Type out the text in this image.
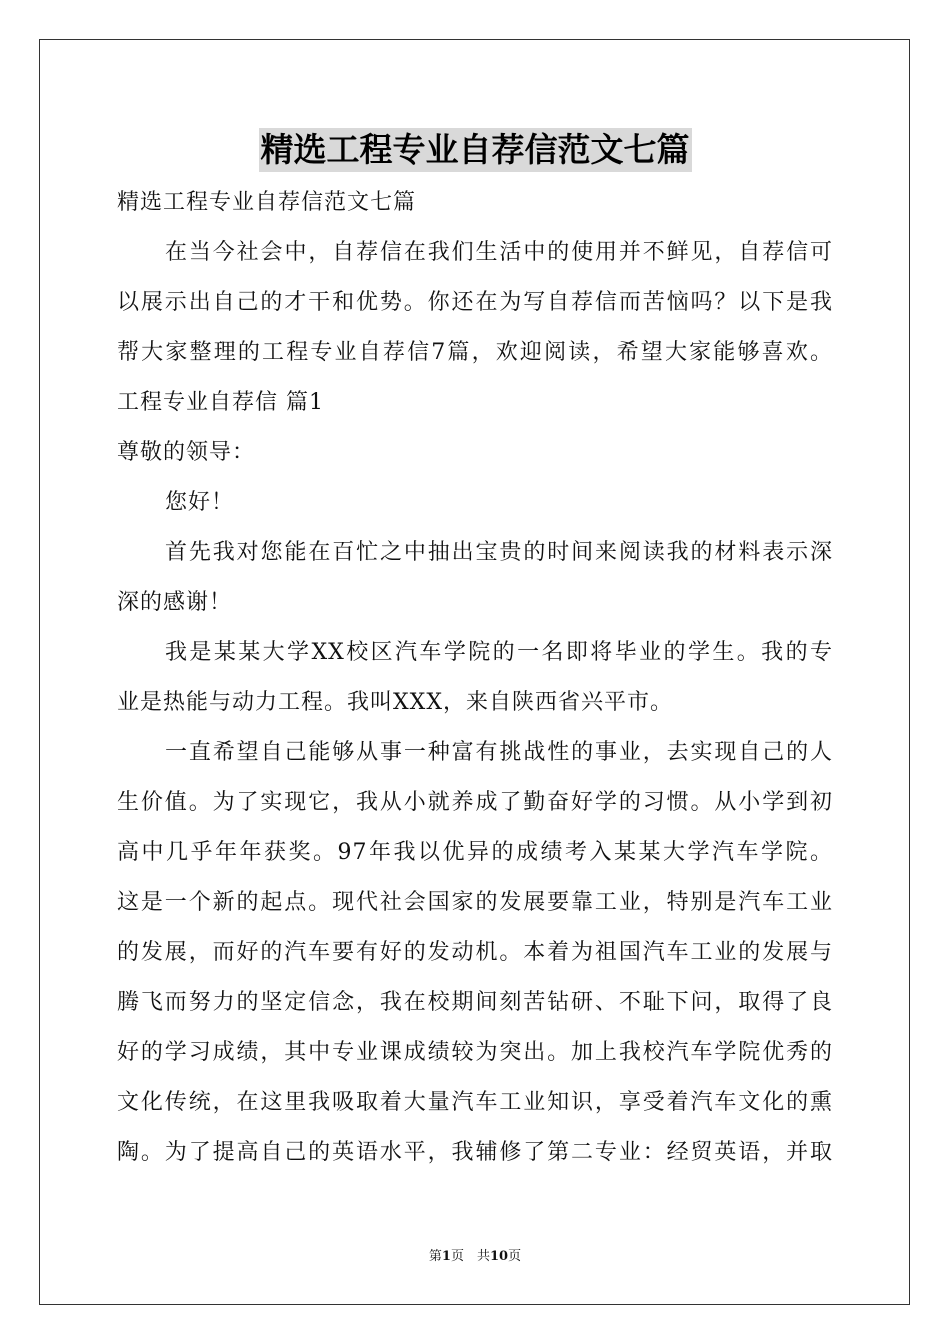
精选工程专业自荐信范文七篇
精选工程专业自荐信范文七篇
在当今社会中，自荐信在我们生活中的使用并不鲜见，自荐信可
以展示出自己的才干和优势。你还在为写自荐信而苦恼吗？以下是我
帮大家整理的工程专业自荐信7篇，欢迎阅读，希望大家能够喜欢。
工程专业自荐信 篇1
尊敬的领导：
您好！
首先我对您能在百忙之中抽出宝贵的时间来阅读我的材料表示深
深的感谢！
我是某某大学XX校区汽车学院的一名即将毕业的学生。我的专
业是热能与动力工程。我叫XXX，来自陕西省兴平市。
一直希望自己能够从事一种富有挑战性的事业，去实现自己的人
生价值。为了实现它，我从小就养成了勤奋好学的习惯。从小学到初
高中几乎年年获奖。97年我以优异的成绩考入某某大学汽车学院。
这是一个新的起点。现代社会国家的发展要靠工业，特别是汽车工业
的发展，而好的汽车要有好的发动机。本着为祖国汽车工业的发展与
腾飞而努力的坚定信念，我在校期间刻苦钻研、不耻下问，取得了良
好的学习成绩，其中专业课成绩较为突出。加上我校汽车学院优秀的
文化传统，在这里我吸取着大量汽车工业知识，享受着汽车文化的熏
陶。为了提高自己的英语水平，我辅修了第二专业：经贸英语，并取
第1页　共10页
